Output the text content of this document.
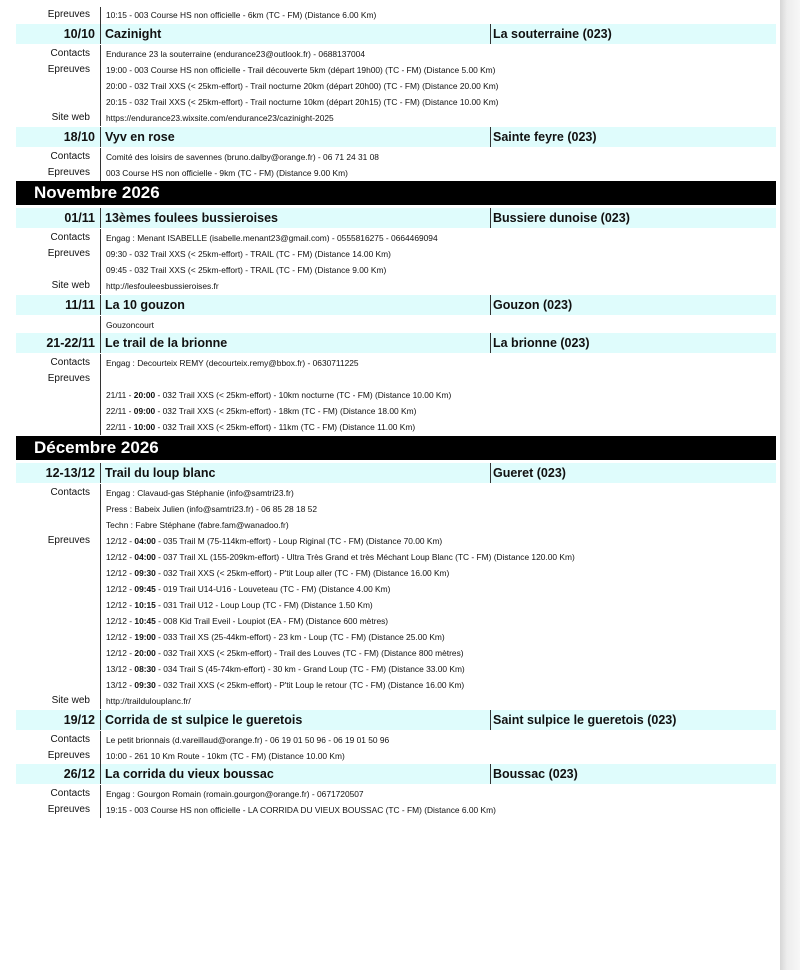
Epreuves 10:15 - 003 Course HS non officielle - 6km (TC - FM) (Distance 6.00 Km)
10/10 Cazinight	La souterraine (023)
Contacts Endurance 23 la souterraine (endurance23@outlook.fr) - 0688137004
Epreuves 19:00 - 003 Course HS non officielle - Trail découverte 5km (départ 19h00) (TC - FM) (Distance 5.00 Km)
20:00 - 032 Trail XXS (< 25km-effort) - Trail nocturne 20km (départ 20h00) (TC - FM) (Distance 20.00 Km)
20:15 - 032 Trail XXS (< 25km-effort) - Trail nocturne 10km (départ 20h15) (TC - FM) (Distance 10.00 Km)
Site web https://endurance23.wixsite.com/endurance23/cazinight-2025
18/10 Vyv en rose	Sainte feyre (023)
Contacts Comité des loisirs de savennes (bruno.dalby@orange.fr) - 06 71 24 31 08
Epreuves 003 Course HS non officielle - 9km (TC - FM) (Distance 9.00 Km)
Novembre 2026
01/11 13èmes foulees bussieroises	Bussiere dunoise (023)
Contacts Engag : Menant ISABELLE (isabelle.menant23@gmail.com) - 0555816275 - 0664469094
Epreuves 09:30 - 032 Trail XXS (< 25km-effort) - TRAIL (TC - FM) (Distance 14.00 Km)
09:45 - 032 Trail XXS (< 25km-effort) - TRAIL (TC - FM) (Distance 9.00 Km)
Site web http://lesfouleesbussieroises.fr
11/11 La 10 gouzon	Gouzon (023)
Gouzoncourt
21-22/11 Le trail de la brionne	La brionne (023)
Contacts Engag : Decourteix REMY (decourteix.remy@bbox.fr) - 0630711225
Epreuves
21/11 - 20:00 - 032 Trail XXS (< 25km-effort) - 10km nocturne (TC - FM) (Distance 10.00 Km)
22/11 - 09:00 - 032 Trail XXS (< 25km-effort) - 18km (TC - FM) (Distance 18.00 Km)
22/11 - 10:00 - 032 Trail XXS (< 25km-effort) - 11km (TC - FM) (Distance 11.00 Km)
Décembre 2026
12-13/12 Trail du loup blanc	Gueret (023)
Contacts Engag : Clavaud-gas Stéphanie (info@samtri23.fr)
Press : Babeix Julien (info@samtri23.fr) - 06 85 28 18 52
Techn : Fabre Stéphane (fabre.fam@wanadoo.fr)
Epreuves 12/12 - 04:00 - 035 Trail M (75-114km-effort) - Loup Riginal (TC - FM) (Distance 70.00 Km)
12/12 - 04:00 - 037 Trail XL (155-209km-effort) - Ultra Très Grand et très Méchant Loup Blanc (TC - FM) (Distance 120.00 Km)
12/12 - 09:30 - 032 Trail XXS (< 25km-effort) - P'tit Loup aller (TC - FM) (Distance 16.00 Km)
12/12 - 09:45 - 019 Trail U14-U16 - Louveteau (TC - FM) (Distance 4.00 Km)
12/12 - 10:15 - 031 Trail U12 - Loup Loup (TC - FM) (Distance 1.50 Km)
12/12 - 10:45 - 008 Kid Trail Eveil - Loupiot (EA - FM) (Distance 600 mètres)
12/12 - 19:00 - 033 Trail XS (25-44km-effort) - 23 km - Loup (TC - FM) (Distance 25.00 Km)
12/12 - 20:00 - 032 Trail XXS (< 25km-effort) - Trail des Louves (TC - FM) (Distance 800 mètres)
13/12 - 08:30 - 034 Trail S (45-74km-effort) - 30 km - Grand Loup (TC - FM) (Distance 33.00 Km)
13/12 - 09:30 - 032 Trail XXS (< 25km-effort) - P'tit Loup le retour (TC - FM) (Distance 16.00 Km)
Site web http://traildulouplanc.fr/
19/12 Corrida de st sulpice le gueretois	Saint sulpice le gueretois (023)
Contacts Le petit brionnais (d.vareillaud@orange.fr) - 06 19 01 50 96 - 06 19 01 50 96
Epreuves 10:00 - 261 10 Km Route - 10km (TC - FM) (Distance 10.00 Km)
26/12 La corrida du vieux boussac	Boussac (023)
Contacts Engag : Gourgon Romain (romain.gourgon@orange.fr) - 0671720507
Epreuves 19:15 - 003 Course HS non officielle - LA CORRIDA DU VIEUX BOUSSAC (TC - FM) (Distance 6.00 Km)
